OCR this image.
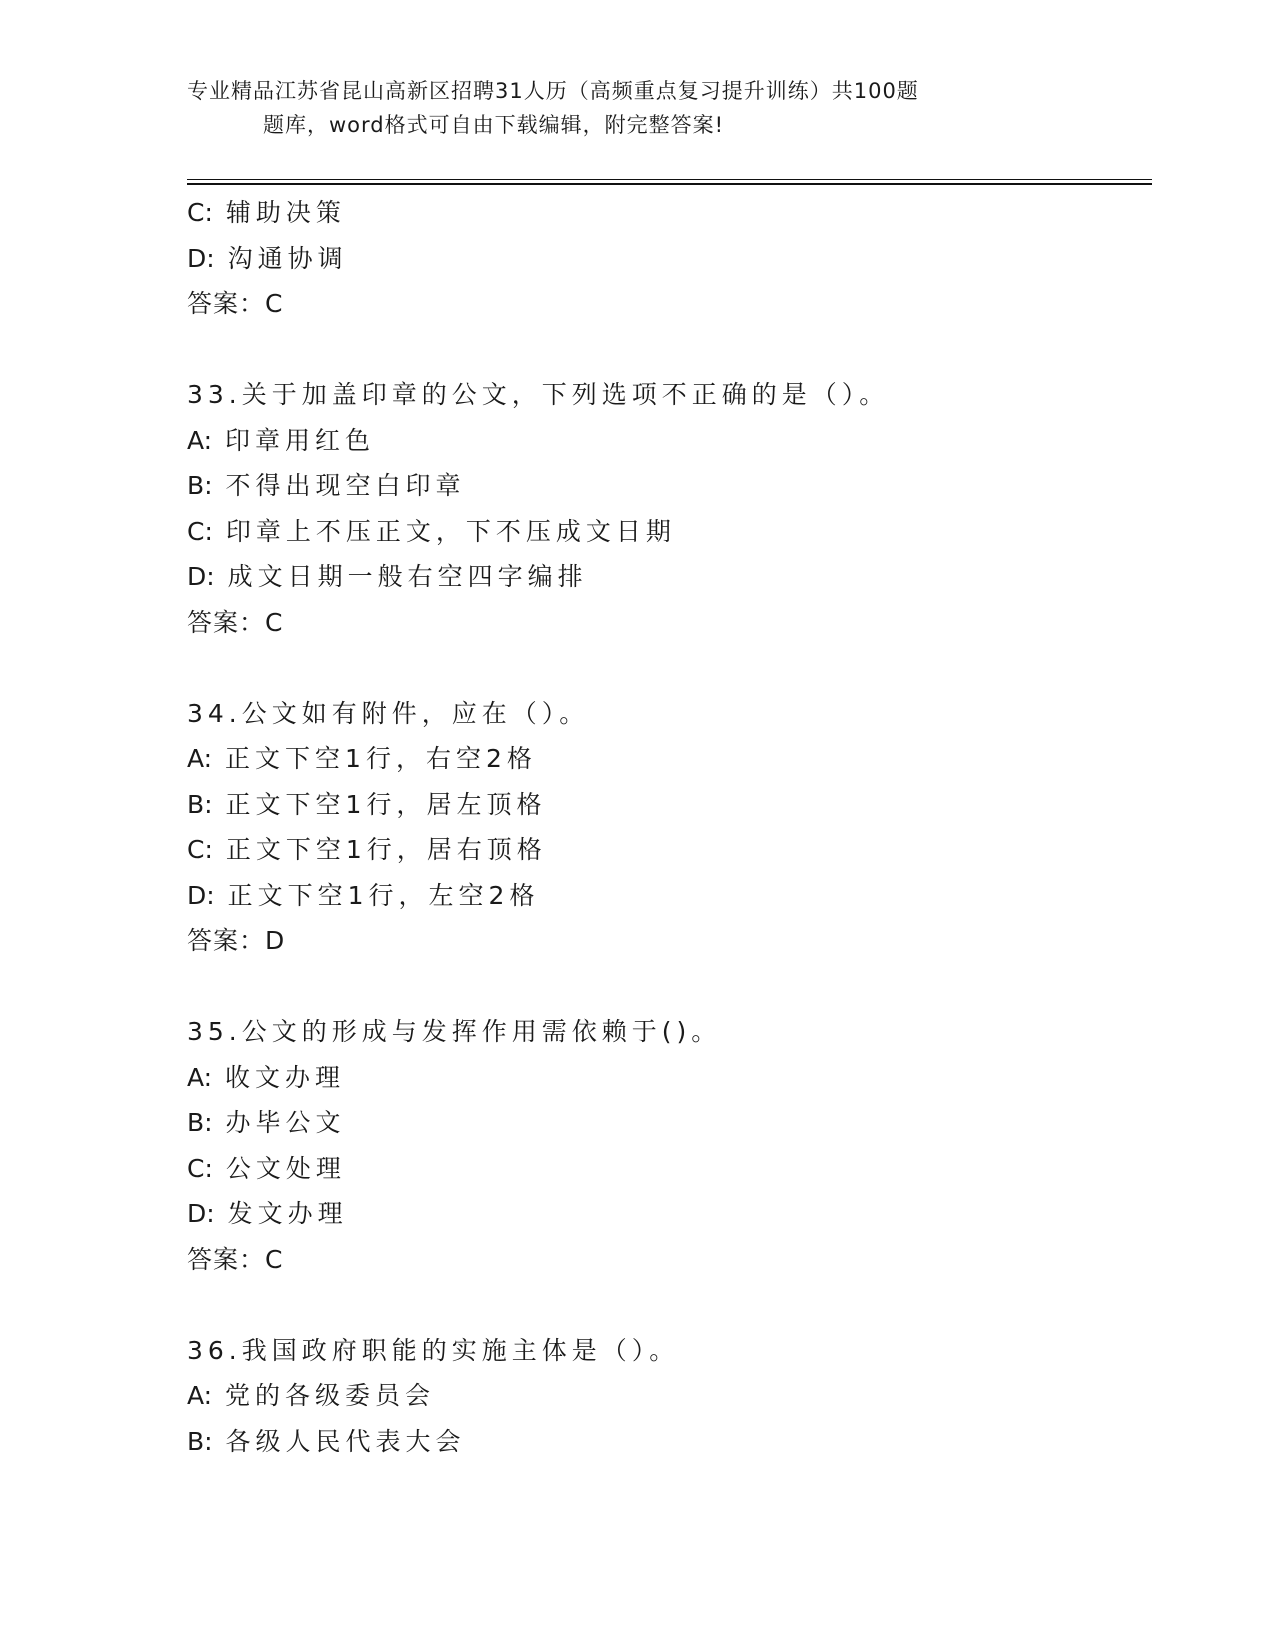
专业精品江苏省昆山高新区招聘31人历（高频重点复习提升训练）共100题
题库，word格式可自由下载编辑，附完整答案!
C: 辅助决策
D: 沟通协调
答案：C
33.关于加盖印章的公文，下列选项不正确的是（）。
A: 印章用红色
B: 不得出现空白印章
C: 印章上不压正文，下不压成文日期
D: 成文日期一般右空四字编排
答案：C
34.公文如有附件，应在（）。
A: 正文下空1行，右空2格
B: 正文下空1行，居左顶格
C: 正文下空1行，居右顶格
D: 正文下空1行，左空2格
答案：D
35.公文的形成与发挥作用需依赖于()。
A: 收文办理
B: 办毕公文
C: 公文处理
D: 发文办理
答案：C
36.我国政府职能的实施主体是（）。
A: 党的各级委员会
B: 各级人民代表大会
